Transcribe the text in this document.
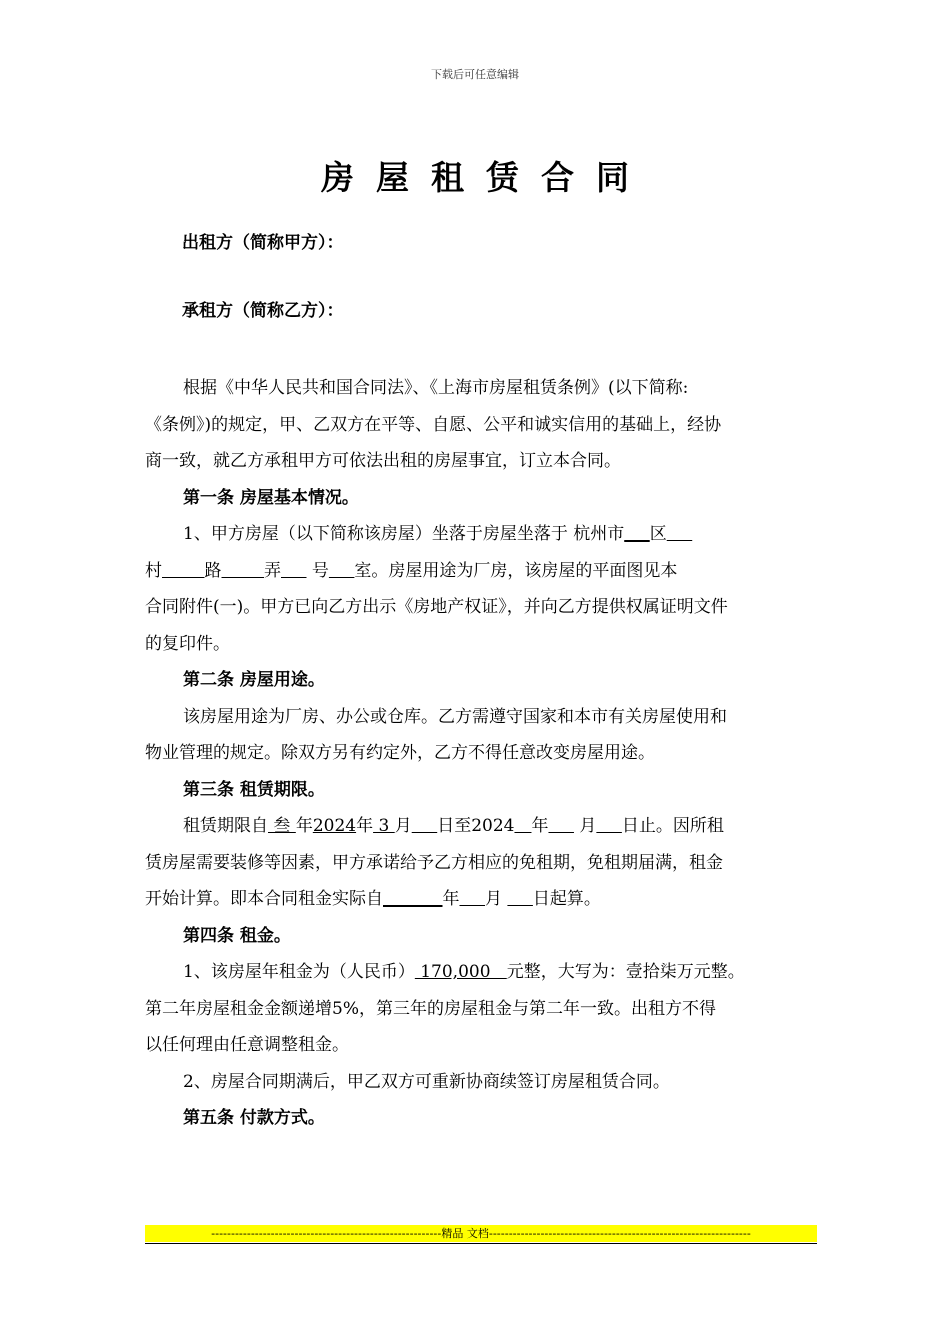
下载后可任意编辑
房屋租赁合同
出租方（简称甲方）：
承租方（简称乙方）：
根据《中华人民共和国合同法》、《上海市房屋租赁条例》(以下简称:
《条例》)的规定，甲、乙双方在平等、自愿、公平和诚实信用的基础上，经协
商一致，就乙方承租甲方可依法出租的房屋事宜，订立本合同。
第一条 房屋基本情况。
1、甲方房屋（以下简称该房屋）坐落于房屋坐落于 杭州市　  区　 
村　　 	路　　 	弄　  号　  室。房屋用途为厂房，该房屋的平面图见本
合同附件(一)。甲方已向乙方出示《房地产权证》，并向乙方提供权属证明文件
的复印件。
第二条 房屋用途。
该房屋用途为厂房、办公或仓库。乙方需遵守国家和本市有关房屋使用和
物业管理的规定。除双方另有约定外，乙方不得任意改变房屋用途。
第三条 租赁期限。
租赁期限自 叁 年2024年 3 月　  日至2024   年　  月　  日止。因所租
赁房屋需要装修等因素，甲方承诺给予乙方相应的免租期，免租期届满，租金
开始计算。即本合同租金实际自　　　 	年　  月 　 日起算。
第四条 租金。
1、该房屋年租金为（人民币） 170,000   元整，大写为：壹拾柒万元整。
第二年房屋租金金额递增5%，第三年的房屋租金与第二年一致。出租方不得
以任何理由任意调整租金。
2、房屋合同期满后，甲乙双方可重新协商续签订房屋租赁合同。
第五条 付款方式。
----------------------------------------------------------精品 文档------------------------------------------------------------------
